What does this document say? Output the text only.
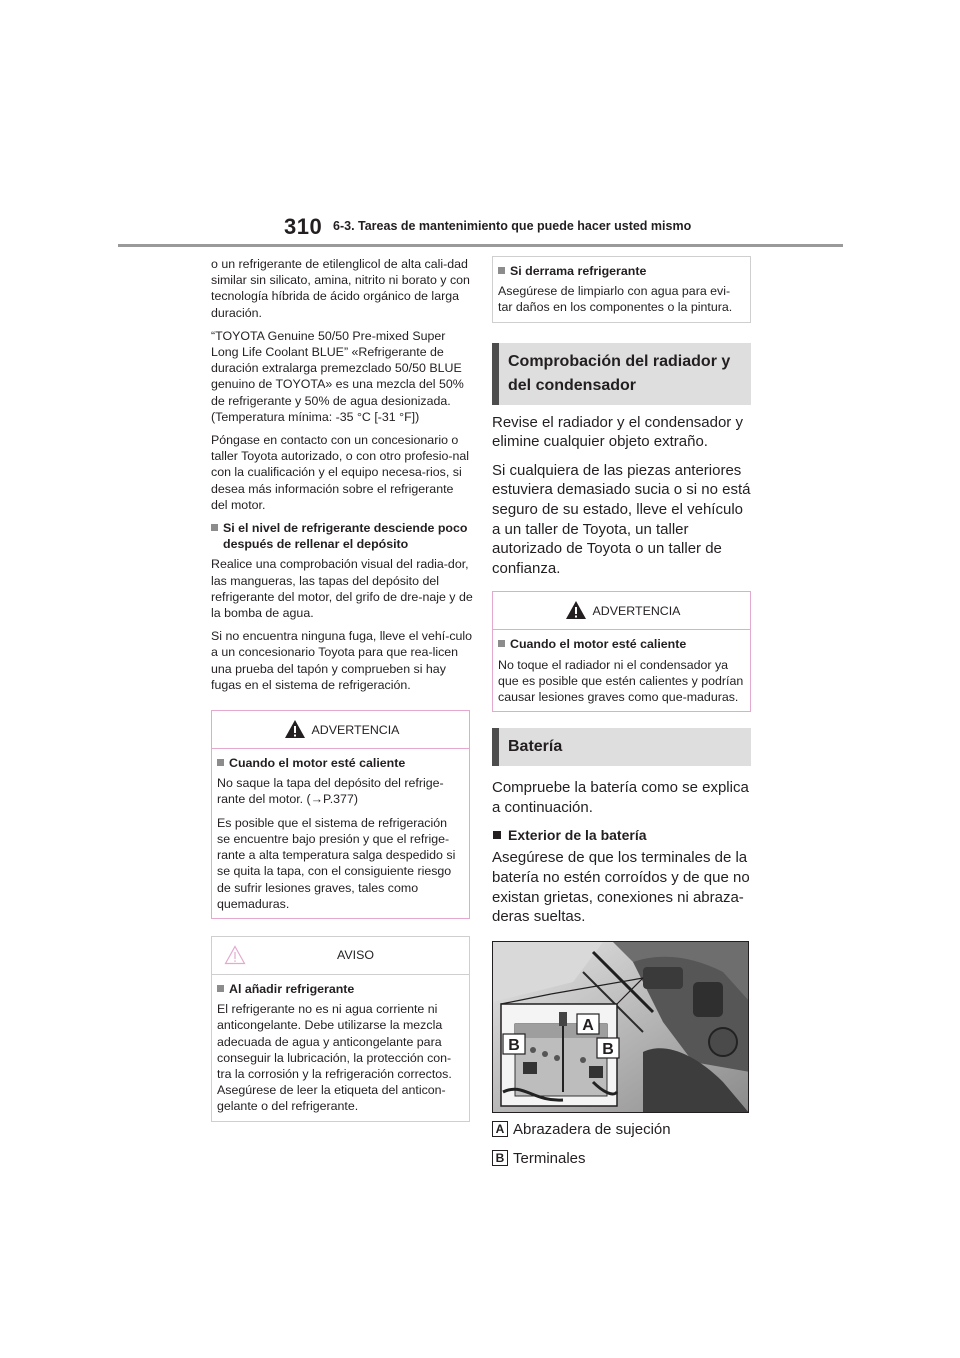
310 6-3. Tareas de mantenimiento que puede hacer usted mismo

o un refrigerante de etilenglicol de alta cali-dad similar sin silicato, amina, nitrito ni borato y con tecnología híbrida de ácido orgánico de larga duración.

“TOYOTA Genuine 50/50 Pre-mixed Super Long Life Coolant BLUE” «Refrigerante de duración extralarga premezclado 50/50 BLUE genuino de TOYOTA» es una mezcla del 50% de refrigerante y 50% de agua desionizada. (Temperatura mínima: -35 °C [-31 °F])

Póngase en contacto con un concesionario o taller Toyota autorizado, o con otro profesio-nal con la cualificación y el equipo necesa-rios, si desea más información sobre el refrigerante del motor.

Si el nivel de refrigerante desciende poco después de rellenar el depósito

Realice una comprobación visual del radia-dor, las mangueras, las tapas del depósito del refrigerante del motor, del grifo de dre-naje y de la bomba de agua.

Si no encuentra ninguna fuga, lleve el vehí-culo a un concesionario Toyota para que rea-licen una prueba del tapón y comprueben si hay fugas en el sistema de refrigeración.

ADVERTENCIA
Cuando el motor esté caliente

No saque la tapa del depósito del refrige-rante del motor. (→P.377)

Es posible que el sistema de refrigeración se encuentre bajo presión y que el refrige-rante a alta temperatura salga despedido si se quita la tapa, con el consiguiente riesgo de sufrir lesiones graves, tales como quemaduras.

AVISO
Al añadir refrigerante

El refrigerante no es ni agua corriente ni anticongelante. Debe utilizarse la mezcla adecuada de agua y anticongelante para conseguir la lubricación, la protección con-tra la corrosión y la refrigeración correctos. Asegúrese de leer la etiqueta del anticon-gelante o del refrigerante.

Si derrama refrigerante

Asegúrese de limpiarlo con agua para evi-tar daños en los componentes o la pintura.

Comprobación del radiador y del condensador

Revise el radiador y el condensador y elimine cualquier objeto extraño.

Si cualquiera de las piezas anteriores estuviera demasiado sucia o si no está seguro de su estado, lleve el vehículo a un taller de Toyota, un taller autorizado de Toyota o un taller de confianza.

ADVERTENCIA
Cuando el motor esté caliente

No toque el radiador ni el condensador ya que es posible que estén calientes y podrían causar lesiones graves como que-maduras.

Batería

Compruebe la batería como se explica a continuación.

Exterior de la batería

Asegúrese de que los terminales de la batería no estén corroídos y de que no existan grietas, conexiones ni abraza-deras sueltas.

A
B	B
A Abrazadera de sujeción
B Terminales
